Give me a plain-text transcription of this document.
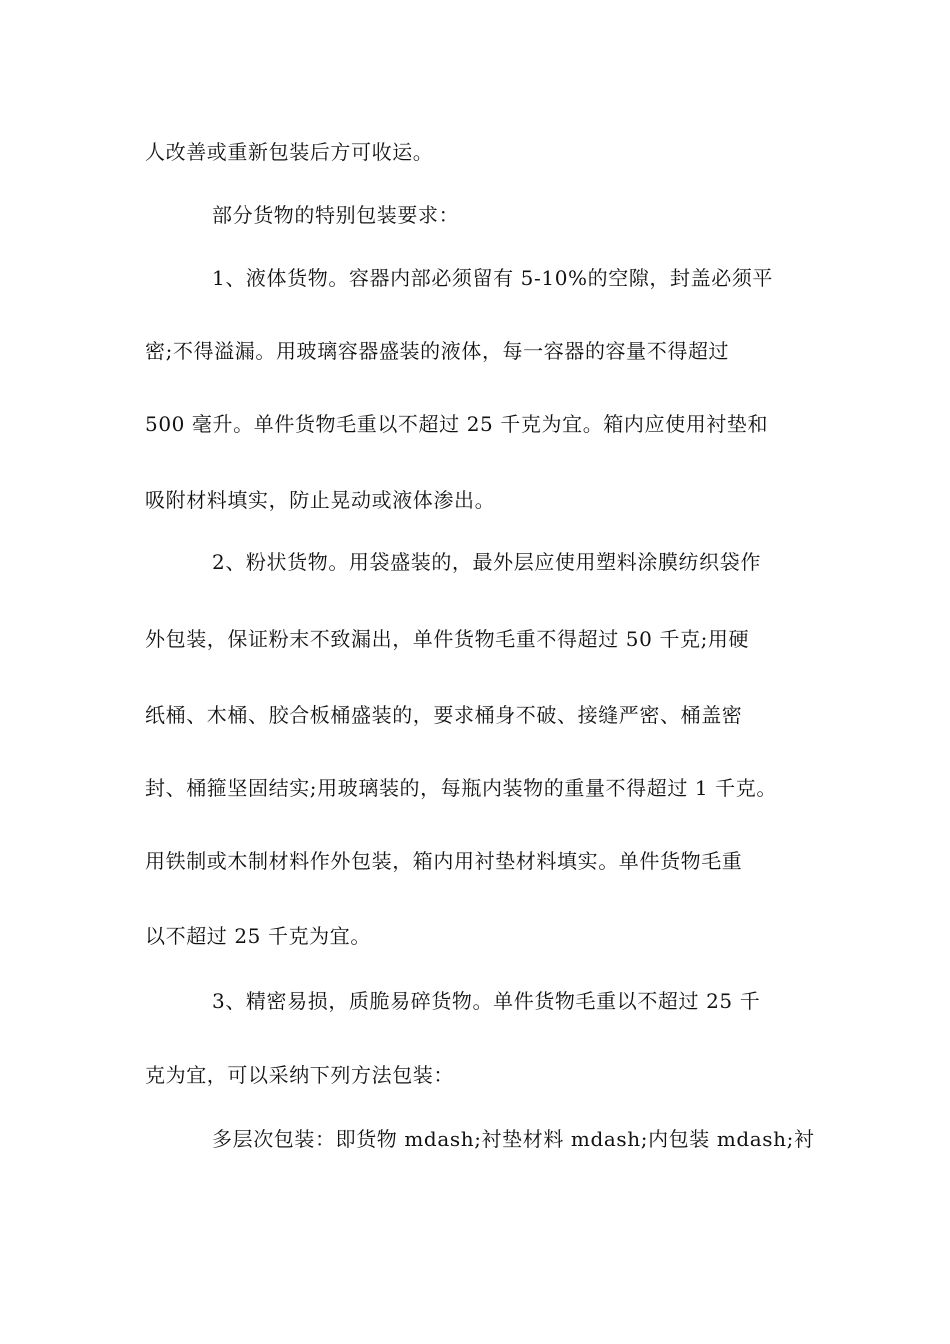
人改善或重新包装后方可收运。
部分货物的特别包装要求：
1、液体货物。容器内部必须留有 5-10%的空隙，封盖必须平
密;不得溢漏。用玻璃容器盛装的液体，每一容器的容量不得超过
500 毫升。单件货物毛重以不超过 25 千克为宜。箱内应使用衬垫和
吸附材料填实，防止晃动或液体渗出。
2、粉状货物。用袋盛装的，最外层应使用塑料涂膜纺织袋作
外包装，保证粉末不致漏出，单件货物毛重不得超过 50 千克;用硬
纸桶、木桶、胶合板桶盛装的，要求桶身不破、接缝严密、桶盖密
封、桶箍坚固结实;用玻璃装的，每瓶内装物的重量不得超过 1 千克。
用铁制或木制材料作外包装，箱内用衬垫材料填实。单件货物毛重
以不超过 25 千克为宜。
3、精密易损，质脆易碎货物。单件货物毛重以不超过 25 千
克为宜，可以采纳下列方法包装：
多层次包装：即货物 mdash;衬垫材料 mdash;内包装 mdash;衬
